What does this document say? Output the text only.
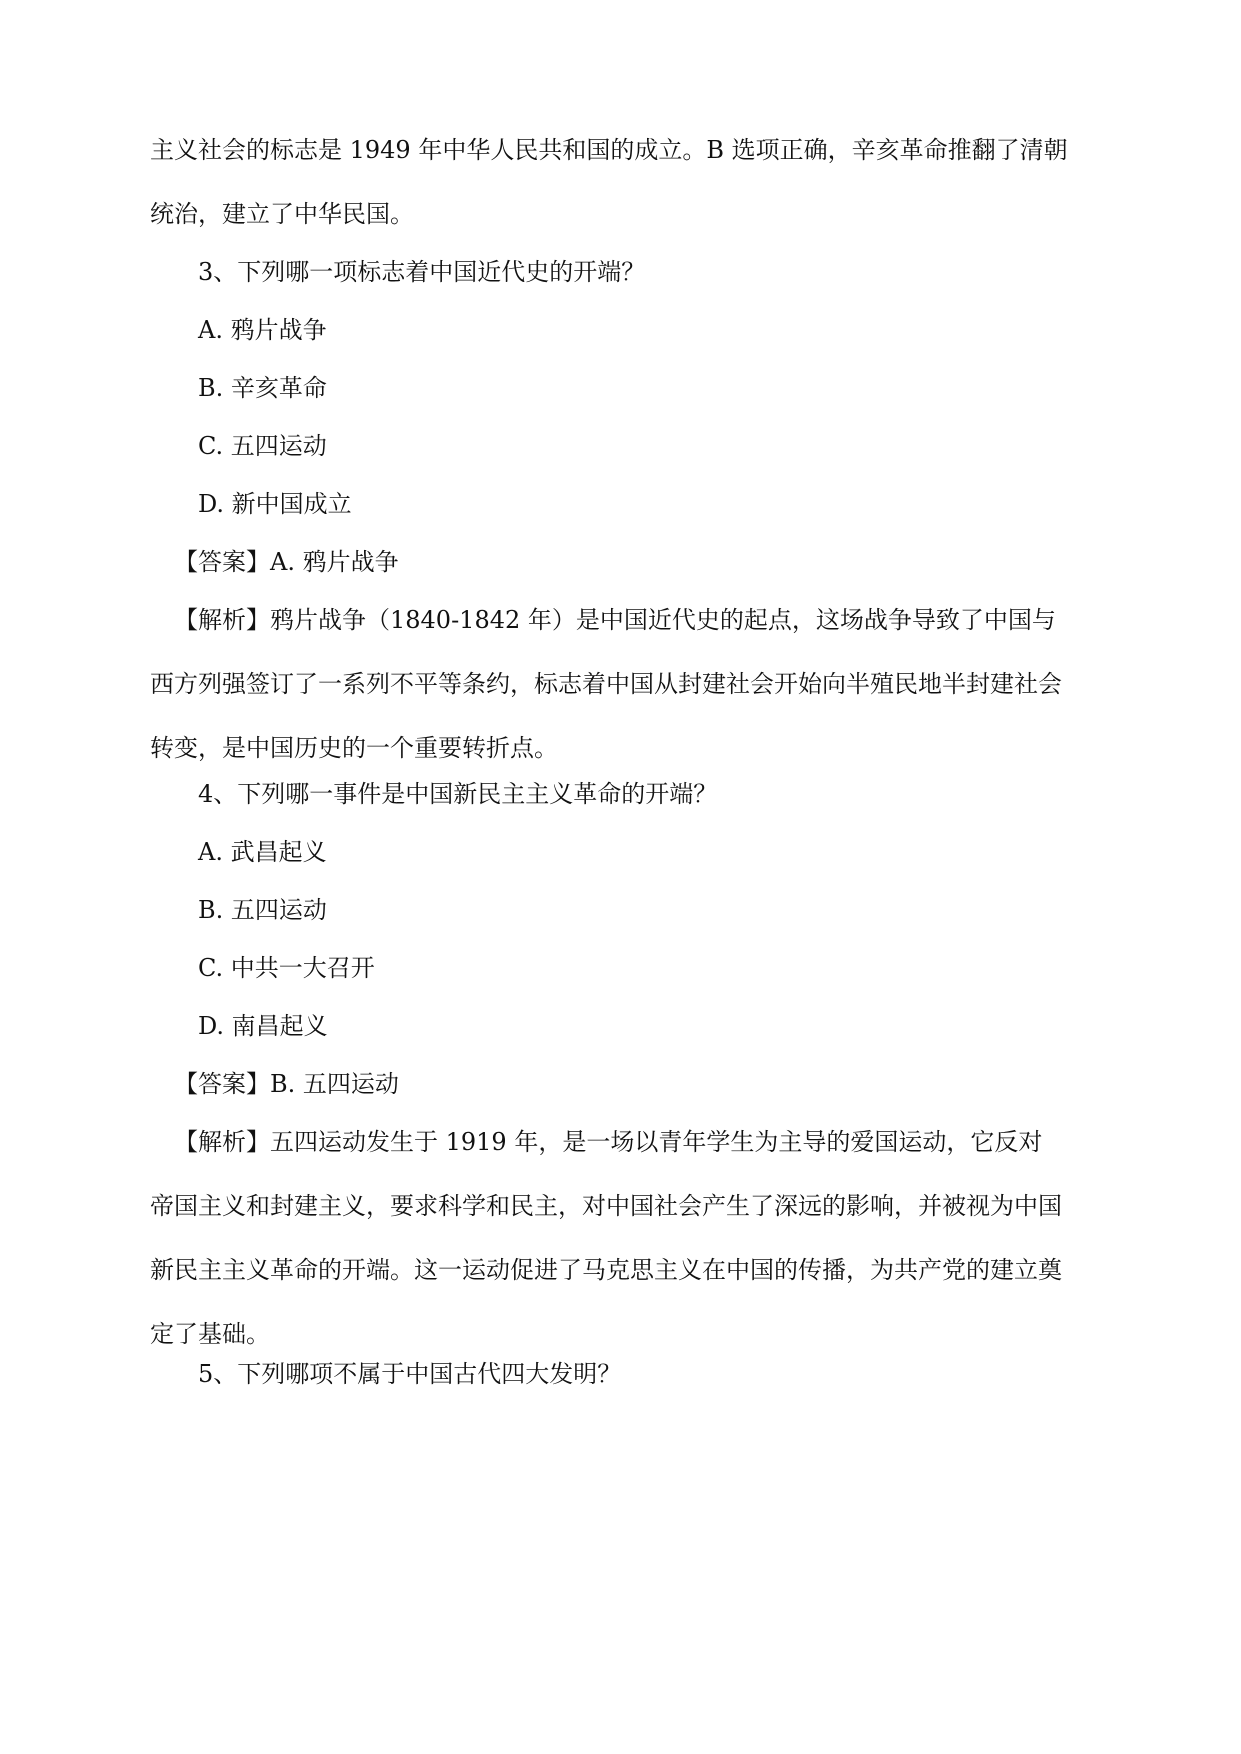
主义社会的标志是 1949 年中华人民共和国的成立。B 选项正确，辛亥革命推翻了清朝
统治，建立了中华民国。

3、下列哪一项标志着中国近代史的开端？

A. 鸦片战争

B. 辛亥革命

C. 五四运动

D. 新中国成立

【答案】A. 鸦片战争

【解析】鸦片战争（1840-1842 年）是中国近代史的起点，这场战争导致了中国与
西方列强签订了一系列不平等条约，标志着中国从封建社会开始向半殖民地半封建社会
转变，是中国历史的一个重要转折点。

4、下列哪一事件是中国新民主主义革命的开端？

A. 武昌起义

B. 五四运动

C. 中共一大召开

D. 南昌起义

【答案】B. 五四运动

【解析】五四运动发生于 1919 年，是一场以青年学生为主导的爱国运动，它反对
帝国主义和封建主义，要求科学和民主，对中国社会产生了深远的影响，并被视为中国
新民主主义革命的开端。这一运动促进了马克思主义在中国的传播，为共产党的建立奠
定了基础。

5、下列哪项不属于中国古代四大发明？
